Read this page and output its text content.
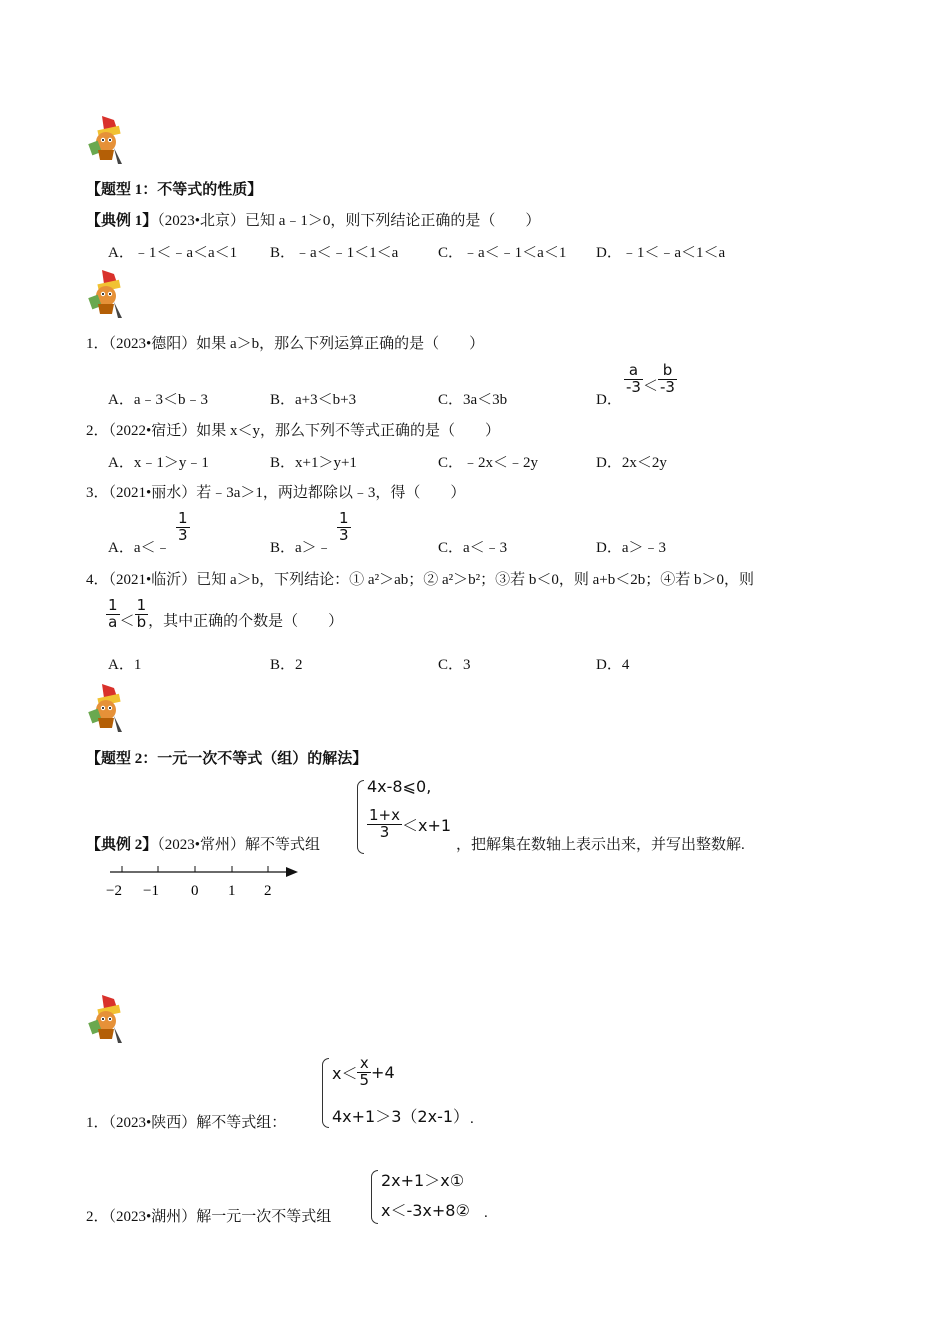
【题型 1：不等式的性质】
【典例 1】（2023•北京）已知 a﹣1＞0，则下列结论正确的是（　　）
A．﹣1＜﹣a＜a＜1 B．﹣a＜﹣1＜1＜a	C．﹣a＜﹣1＜a＜1 D．﹣1＜﹣a＜1＜a
1．（2023•德阳）如果 a＞b，那么下列运算正确的是（　　）
A．a﹣3＜b﹣3	B．a+3＜b+3	C．3a＜3b	D．
$\frac{a}{-3} < \frac{b}{-3}$
2．（2022•宿迁）如果 x＜y，那么下列不等式正确的是（　　）
A．x﹣1＞y﹣1	B．x+1＞y+1	C．﹣2x＜﹣2y	D．2x＜2y
3．（2021•丽水）若﹣3a＞1，两边都除以﹣3，得（　　）
A．a＜﹣
$\frac{1}{3}$
B．a＞﹣
$\frac{1}{3}$
C．a＜﹣3	D．a＞﹣3
4．（2021•临沂）已知 a＞b，下列结论：① a²＞ab；② a²＞b²；③若 b＜0，则 a+b＜2b；④若 b＞0，则
$\frac{1}{a} < \frac{1}{b}$ ，其中正确的个数是（　　）
A．1	B．2	C．3	D．4
【题型 2：一元一次不等式（组）的解法】
【典例 2】（2023•常州）解不等式组
4x-8⩽0,
$\frac{1+x}{3} <x+1$
，把解集在数轴上表示出来，并写出整数解.
−2 −1 0 1 2
1．（2023•陕西）解不等式组：
$x< \frac{x}{5} +4$
4x+1＞3（2x-1） .
2．（2023•湖州）解一元一次不等式组
2x+1＞x①
x＜-3x+8② .
